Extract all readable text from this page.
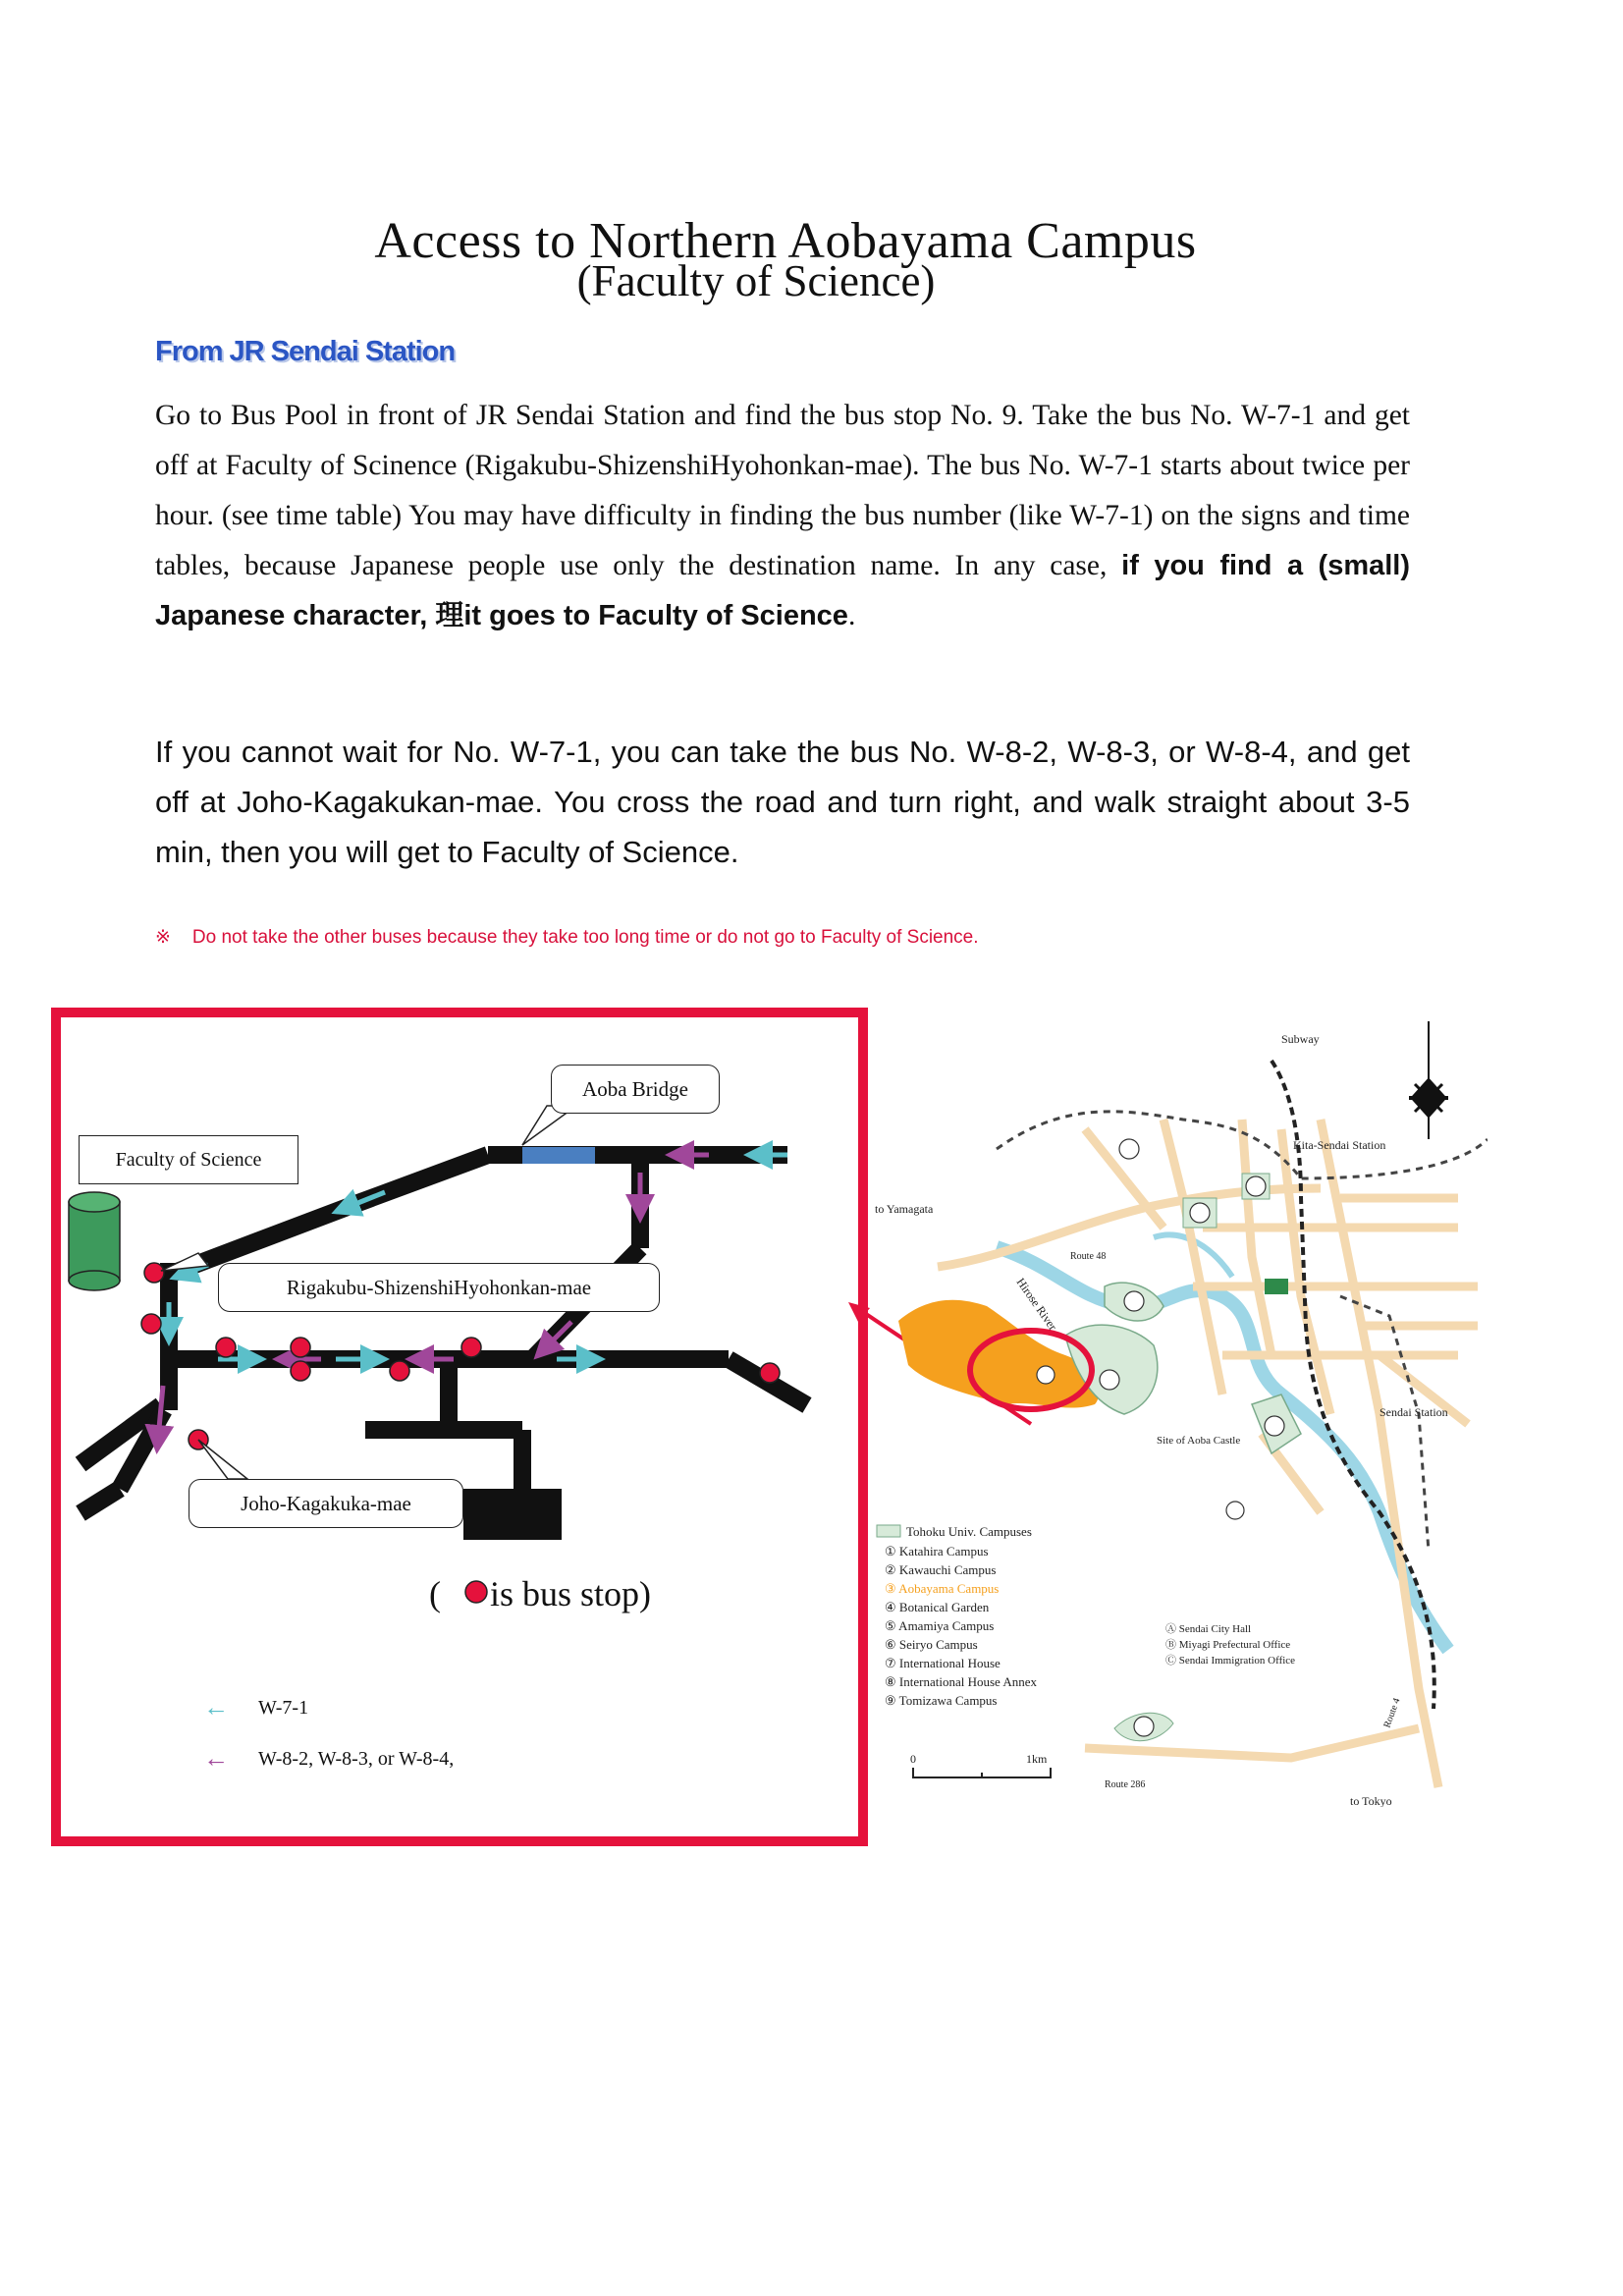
Access to Northern Aobayama Campus
(Faculty of Science)
From JR Sendai Station
Go to Bus Pool in front of JR Sendai Station and find the bus stop No. 9. Take the bus No. W-7-1 and get off at Faculty of Scinence (Rigakubu-ShizenshiHyohonkan-mae). The bus No. W-7-1 starts about twice per hour. (see time table) You may have difficulty in finding the bus number (like W-7-1) on the signs and time tables, because Japanese people use only the destination name. In any case, if you find a (small) Japanese character, 理it goes to Faculty of Science.
If you cannot wait for No. W-7-1, you can take the bus No. W-8-2, W-8-3, or W-8-4, and get off at Joho-Kagakukan-mae. You cross the road and turn right, and walk straight about 3-5 min, then you will get to Faculty of Science.
※ Do not take the other buses because they take too long time or do not go to Faculty of Science.
Aoba Bridge
Faculty of Science
Rigakubu-ShizenshiHyohonkan-mae
Joho-Kagakuka-mae
( is bus stop)
←	W-7-1
←	W-8-2, W-8-3, or W-8-4,
Subway
Kita-Sendai Station
to Yamagata
Route 48
Hirose River
Sendai Station
Site of Aoba Castle
Route 4
Route 286
to Tokyo
0	1km
Tohoku Univ. Campuses
① Katahira Campus
② Kawauchi Campus
③ Aobayama Campus
④ Botanical Garden
⑤ Amamiya Campus
⑥ Seiryo Campus
⑦ International House
⑧ International House Annex
⑨ Tomizawa Campus
Ⓐ Sendai City Hall
Ⓑ Miyagi Prefectural Office
Ⓒ Sendai Immigration Office
